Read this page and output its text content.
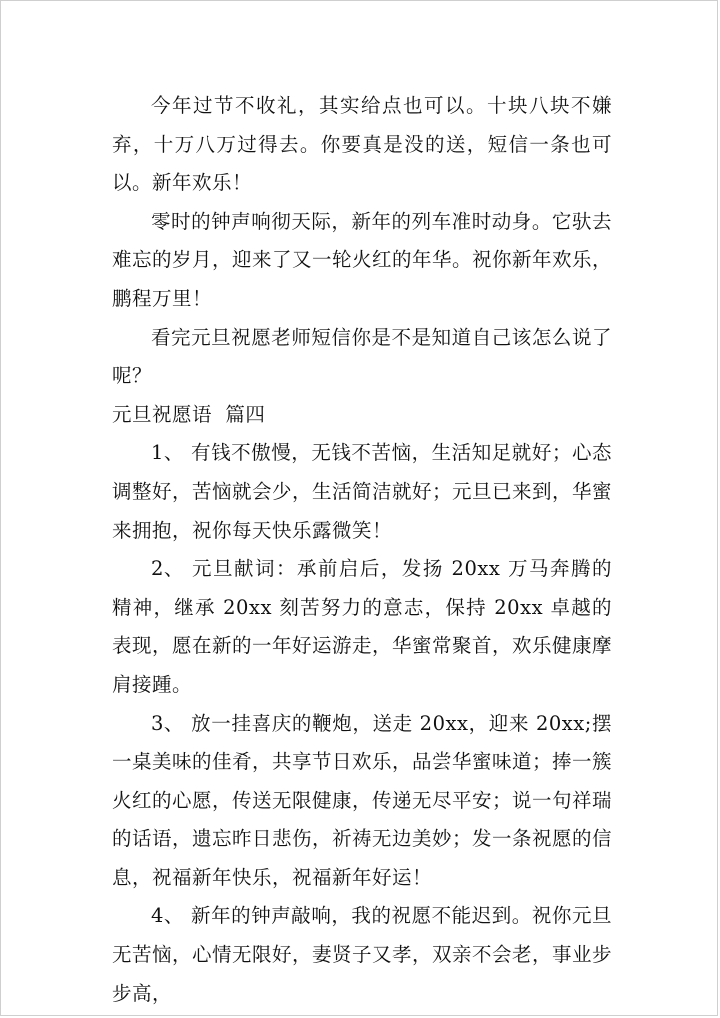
今年过节不收礼，其实给点也可以。十块八块不嫌弃，十万八万过得去。你要真是没的送，短信一条也可以。新年欢乐！

零时的钟声响彻天际，新年的列车准时动身。它驮去难忘的岁月，迎来了又一轮火红的年华。祝你新年欢乐，鹏程万里！

看完元旦祝愿老师短信你是不是知道自己该怎么说了呢？

元旦祝愿语  篇四

1、 有钱不傲慢，无钱不苦恼，生活知足就好；心态调整好，苦恼就会少，生活简洁就好；元旦已来到，华蜜来拥抱，祝你每天快乐露微笑！

2、 元旦献词：承前启后，发扬 20xx 万马奔腾的精神，继承 20xx 刻苦努力的意志，保持 20xx 卓越的表现，愿在新的一年好运游走，华蜜常聚首，欢乐健康摩肩接踵。

3、 放一挂喜庆的鞭炮，送走 20xx，迎来 20xx;摆一桌美味的佳肴，共享节日欢乐，品尝华蜜味道；捧一簇火红的心愿，传送无限健康，传递无尽平安；说一句祥瑞的话语，遗忘昨日悲伤，祈祷无边美妙；发一条祝愿的信息，祝福新年快乐，祝福新年好运！

4、 新年的钟声敲响，我的祝愿不能迟到。祝你元旦无苦恼，心情无限好，妻贤子又孝，双亲不会老，事业步步高，
